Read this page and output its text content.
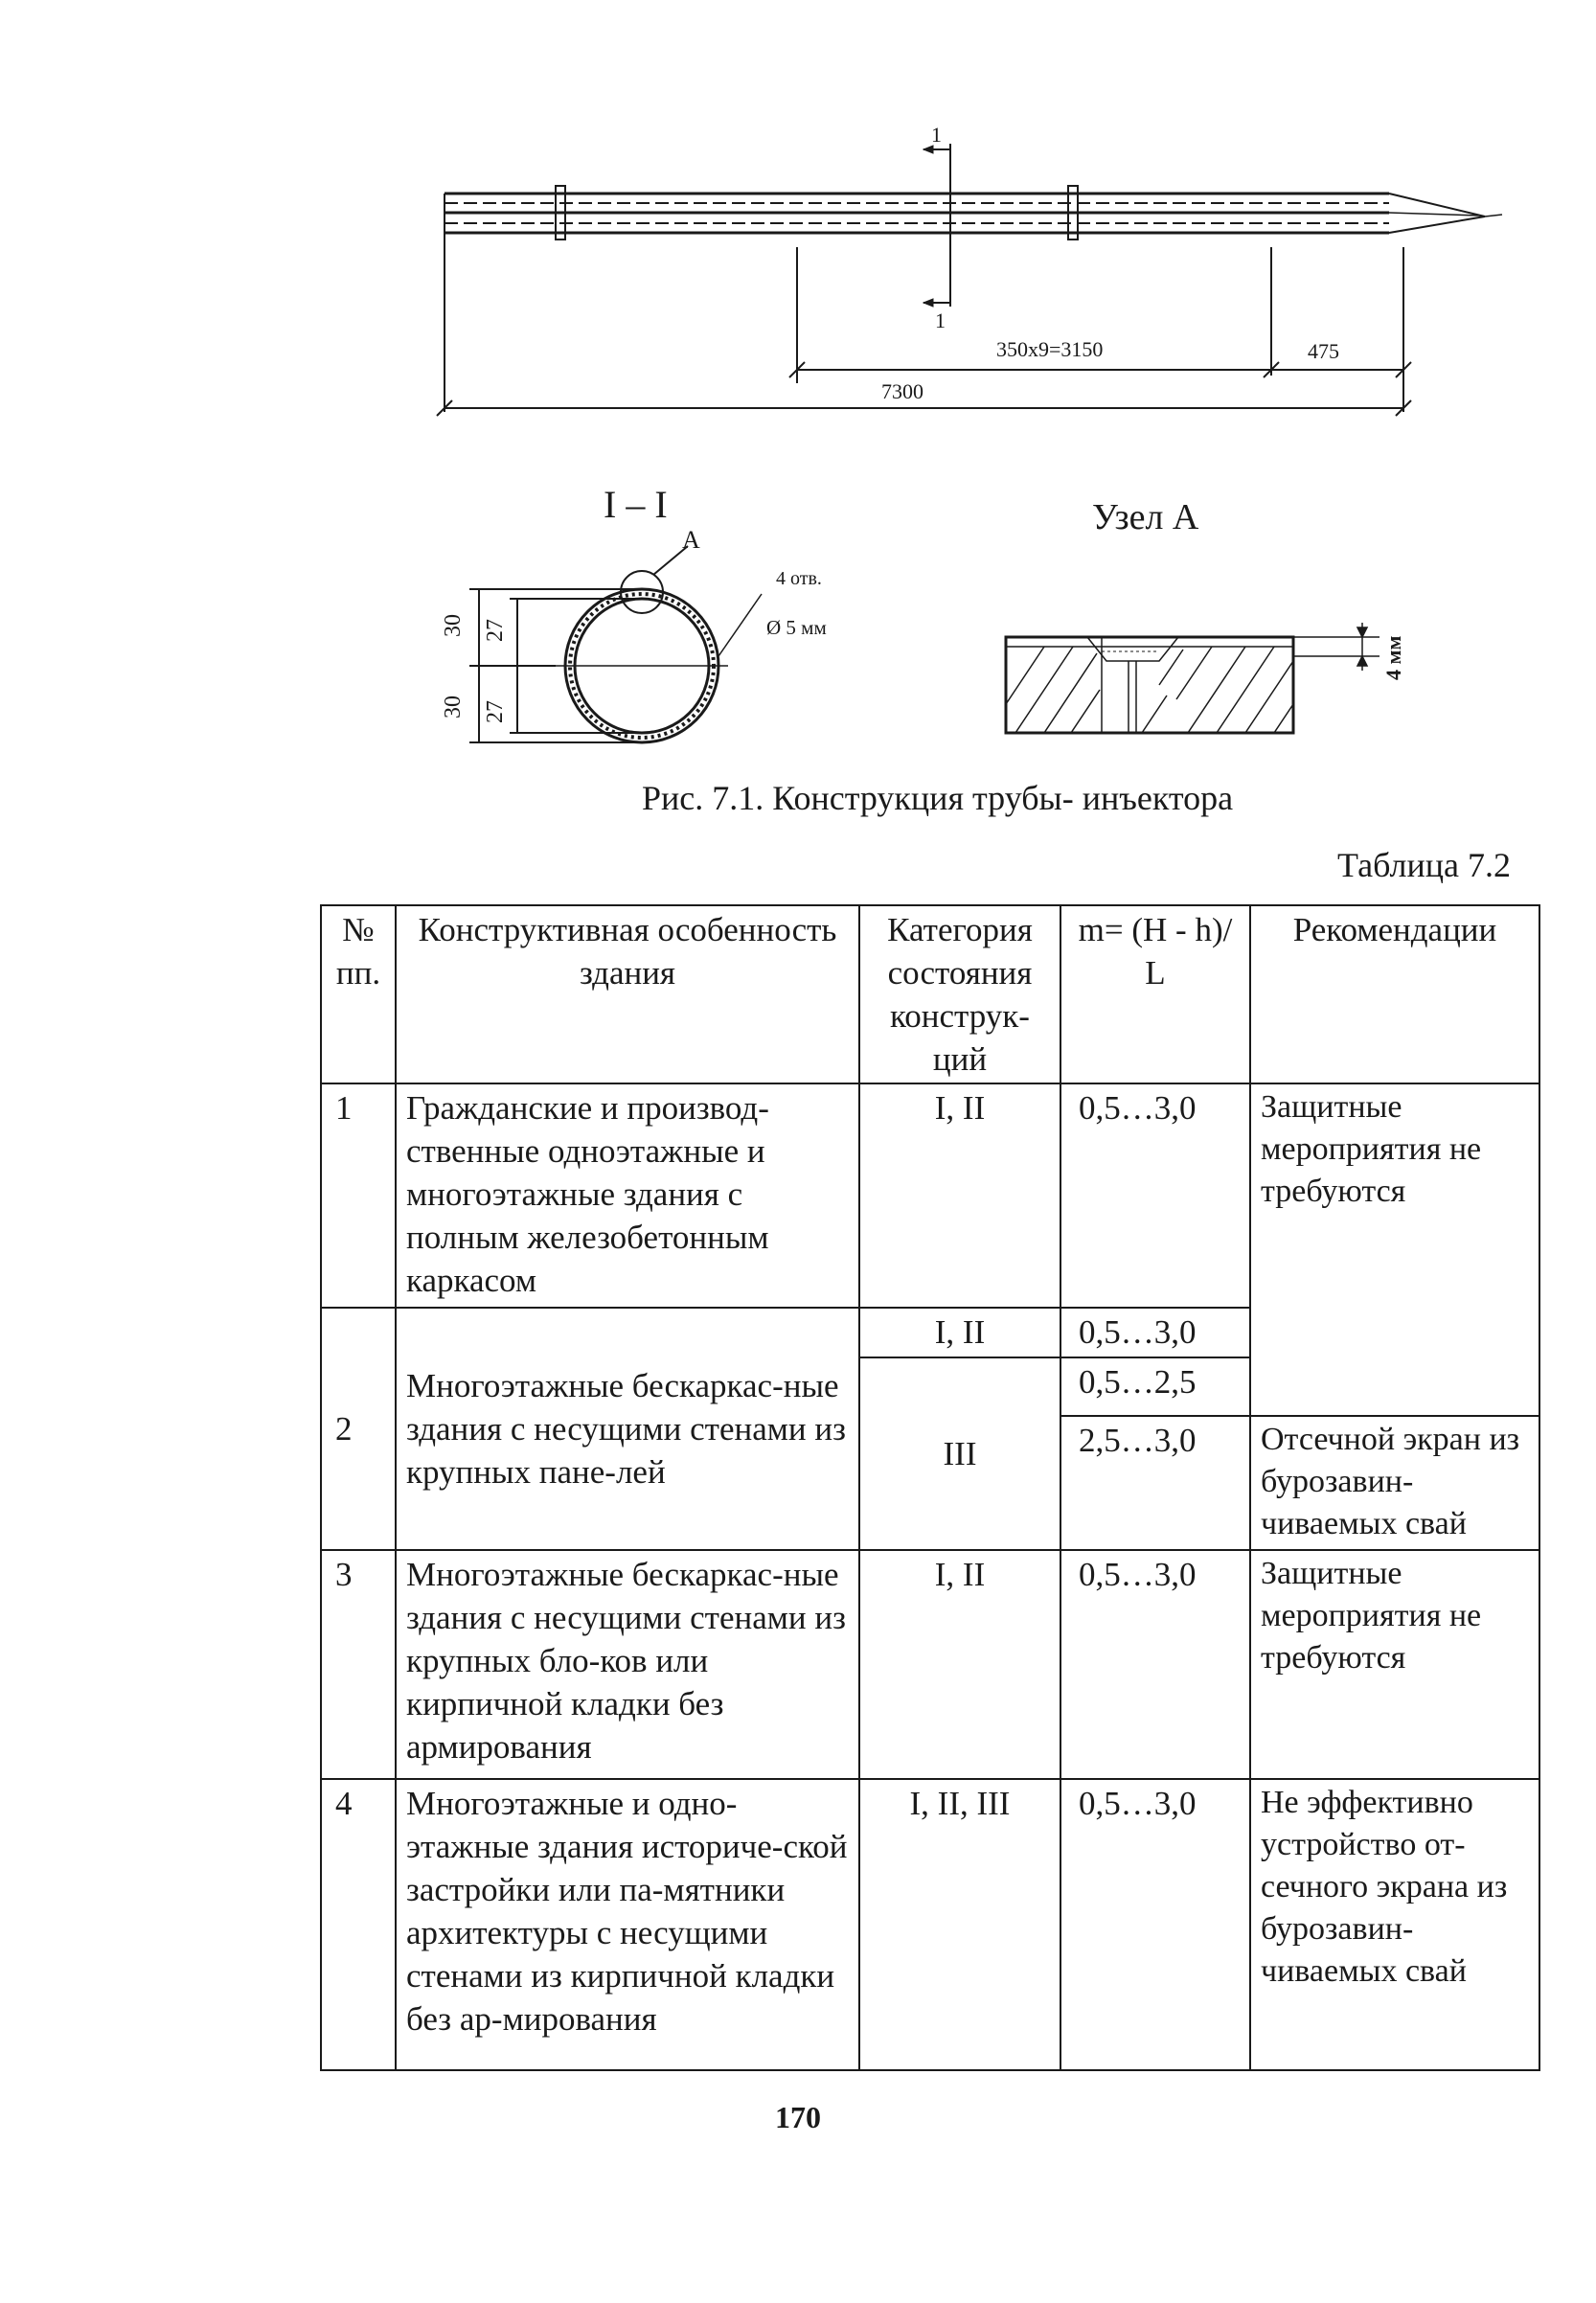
1
1
350x9=3150	475
7300
I – I	Узел А
А
4 отв.
Ø 5 мм
30 27
30 27
4 мм
Рис. 7.1. Конструкция трубы- инъектора
Таблица 7.2
№ пп.	Конструктивная особенность здания	Категория состояния конструк-ций	m= (H - h)/ L	Рекомендации
1	Гражданские и производ-ственные одноэтажные и многоэтажные здания с полным железобетонным каркасом	I, II	0,5…3,0	Защитные мероприятия не требуются
2	Многоэтажные бескаркас-ные здания с несущими стенами из крупных пане-лей	I, II	0,5…3,0	
		III	0,5…2,5	
			2,5…3,0	Отсечной экран из бурозавин-чиваемых свай

3	Многоэтажные бескаркас-ные здания с несущими стенами из крупных бло-ков или кирпичной кладки без армирования	I, II	0,5…3,0	Защитные мероприятия не требуются
4	Многоэтажные и одно-этажные здания историче-ской застройки или па-мятники архитектуры с несущими стенами из кирпичной кладки без ар-мирования	I, II, III	0,5…3,0	Не эффективно устройство от-сечного экрана из бурозавин-чиваемых свай
170
